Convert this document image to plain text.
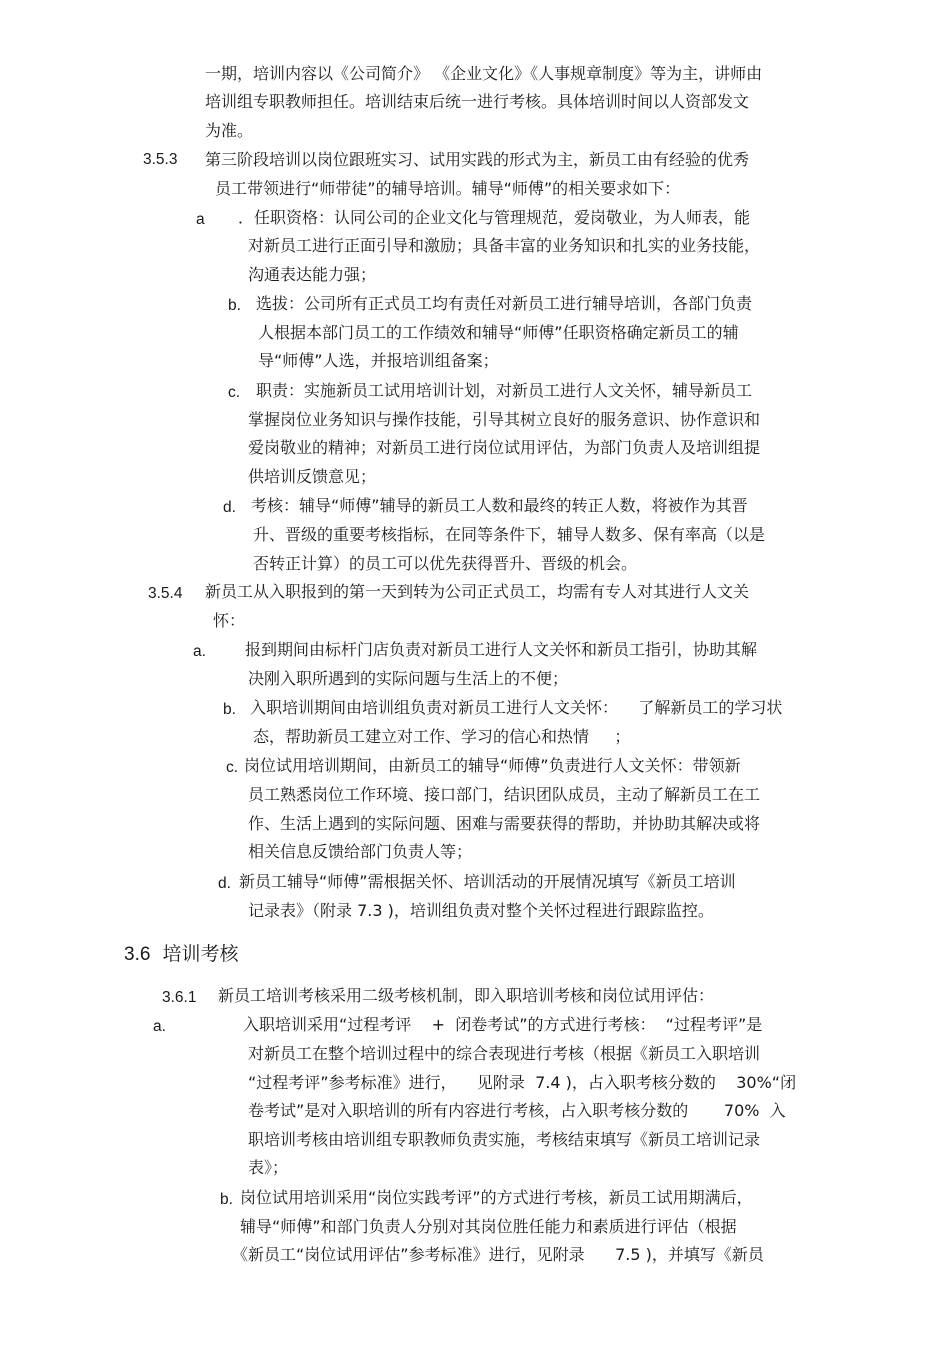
一期，培训内容以《公司简介》 《企业文化》《人事规章制度》等为主，讲师由
培训组专职教师担任。培训结束后统一进行考核。具体培训时间以人资部发文
为准。
3.5.3 第三阶段培训以岗位跟班实习、试用实践的形式为主，新员工由有经验的优秀
员工带领进行“师带徒”的辅导培训。辅导“师傅”的相关要求如下：
a ．任职资格：认同公司的企业文化与管理规范，爱岗敬业，为人师表，能
对新员工进行正面引导和激励；具备丰富的业务知识和扎实的业务技能，
沟通表达能力强；
b. 选拔：公司所有正式员工均有责任对新员工进行辅导培训，各部门负责
人根据本部门员工的工作绩效和辅导“师傅”任职资格确定新员工的辅
导“师傅”人选，并报培训组备案；
c. 职责：实施新员工试用培训计划，对新员工进行人文关怀，辅导新员工
掌握岗位业务知识与操作技能，引导其树立良好的服务意识、协作意识和
爱岗敬业的精神；对新员工进行岗位试用评估，为部门负责人及培训组提
供培训反馈意见；
d. 考核：辅导“师傅”辅导的新员工人数和最终的转正人数，将被作为其晋
升、晋级的重要考核指标，在同等条件下，辅导人数多、保有率高（以是
否转正计算）的员工可以优先获得晋升、晋级的机会。
3.5.4 新员工从入职报到的第一天到转为公司正式员工，均需有专人对其进行人文关
怀：
a. 报到期间由标杆门店负责对新员工进行人文关怀和新员工指引，协助其解
决刚入职所遇到的实际问题与生活上的不便；
b. 入职培训期间由培训组负责对新员工进行人文关怀：    了解新员工的学习状
态，帮助新员工建立对工作、学习的信心和热情     ；
c. 岗位试用培训期间，由新员工的辅导“师傅”负责进行人文关怀：带领新
员工熟悉岗位工作环境、接口部门，结识团队成员，主动了解新员工在工
作、生活上遇到的实际问题、困难与需要获得的帮助，并协助其解决或将
相关信息反馈给部门负责人等；
d. 新员工辅导“师傅”需根据关怀、培训活动的开展情况填写《新员工培训
记录表》（附录 7.3 )，培训组负责对整个关怀过程进行跟踪监控。
3.6 培训考核
3.6.1 新员工培训考核采用二级考核机制，即入职培训考核和岗位试用评估：
a.	入职培训采用“过程考评    +  闭卷考试”的方式进行考核：  “过程考评”是
对新员工在整个培训过程中的综合表现进行考核（根据《新员工入职培训
“过程考评”参考标准》进行，    见附录  7.4 )，占入职考核分数的    30%“闭
卷考试”是对入职培训的所有内容进行考核，占入职考核分数的       70%  入
职培训考核由培训组专职教师负责实施，考核结束填写《新员工培训记录
表》；
b. 岗位试用培训采用“岗位实践考评”的方式进行考核，新员工试用期满后，
辅导“师傅”和部门负责人分别对其岗位胜任能力和素质进行评估（根据
《新员工“岗位试用评估”参考标准》进行，见附录      7.5 )，并填写《新员
